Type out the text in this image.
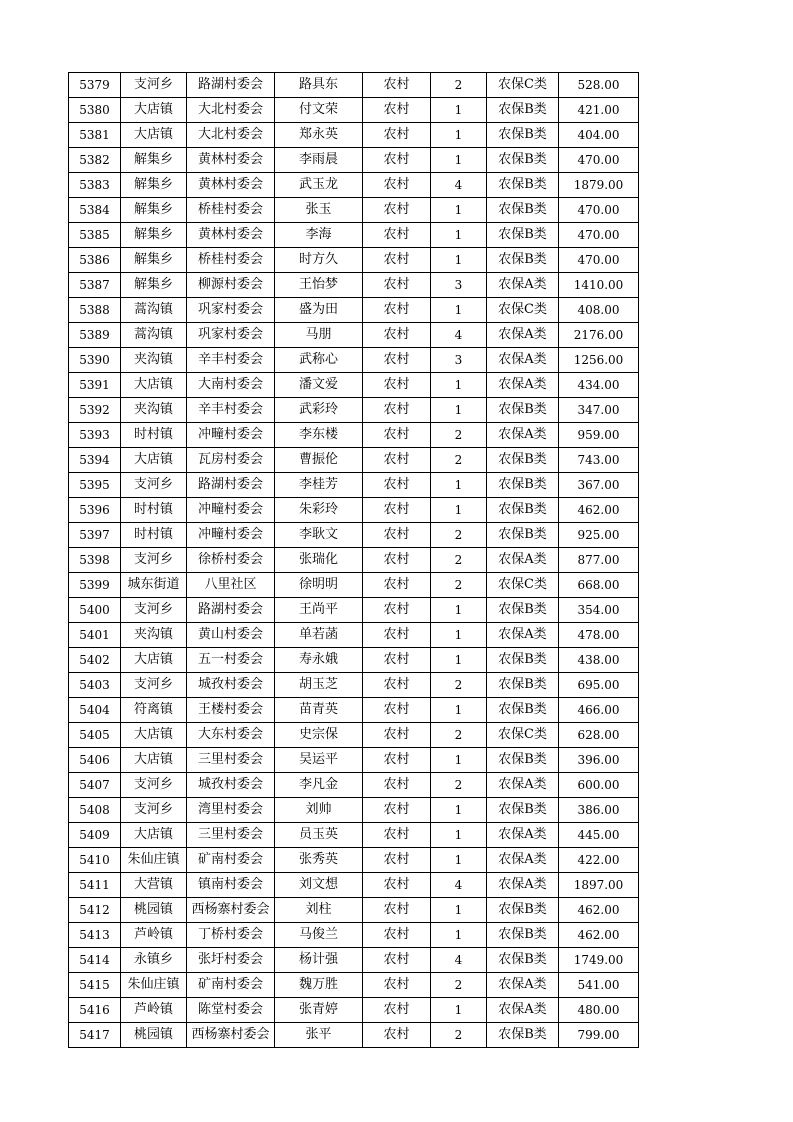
5379	支河乡	路湖村委会	路具东	农村	2	农保C类	528.00
5380	大店镇	大北村委会	付文荣	农村	1	农保B类	421.00
5381	大店镇	大北村委会	郑永英	农村	1	农保B类	404.00
5382	解集乡	黄林村委会	李雨晨	农村	1	农保B类	470.00
5383	解集乡	黄林村委会	武玉龙	农村	4	农保B类	1879.00
5384	解集乡	桥桂村委会	张玉	农村	1	农保B类	470.00
5385	解集乡	黄林村委会	李海	农村	1	农保B类	470.00
5386	解集乡	桥桂村委会	时方久	农村	1	农保B类	470.00
5387	解集乡	柳源村委会	王怡梦	农村	3	农保A类	1410.00
5388	蒿沟镇	巩家村委会	盛为田	农村	1	农保C类	408.00
5389	蒿沟镇	巩家村委会	马朋	农村	4	农保A类	2176.00
5390	夹沟镇	辛丰村委会	武称心	农村	3	农保A类	1256.00
5391	大店镇	大南村委会	潘文爱	农村	1	农保A类	434.00
5392	夹沟镇	辛丰村委会	武彩玲	农村	1	农保B类	347.00
5393	时村镇	冲疃村委会	李东楼	农村	2	农保A类	959.00
5394	大店镇	瓦房村委会	曹振伦	农村	2	农保B类	743.00
5395	支河乡	路湖村委会	李桂芳	农村	1	农保B类	367.00
5396	时村镇	冲疃村委会	朱彩玲	农村	1	农保B类	462.00
5397	时村镇	冲疃村委会	李耿文	农村	2	农保B类	925.00
5398	支河乡	徐桥村委会	张瑞化	农村	2	农保A类	877.00
5399	城东街道	八里社区	徐明明	农村	2	农保C类	668.00
5400	支河乡	路湖村委会	王尚平	农村	1	农保B类	354.00
5401	夹沟镇	黄山村委会	单若菡	农村	1	农保A类	478.00
5402	大店镇	五一村委会	寿永娥	农村	1	农保B类	438.00
5403	支河乡	城孜村委会	胡玉芝	农村	2	农保B类	695.00
5404	符离镇	王楼村委会	苗青英	农村	1	农保B类	466.00
5405	大店镇	大东村委会	史宗保	农村	2	农保C类	628.00
5406	大店镇	三里村委会	吴运平	农村	1	农保B类	396.00
5407	支河乡	城孜村委会	李凡金	农村	2	农保A类	600.00
5408	支河乡	湾里村委会	刘帅	农村	1	农保B类	386.00
5409	大店镇	三里村委会	员玉英	农村	1	农保A类	445.00
5410	朱仙庄镇	矿南村委会	张秀英	农村	1	农保A类	422.00
5411	大营镇	镇南村委会	刘文想	农村	4	农保A类	1897.00
5412	桃园镇	西杨寨村委会	刘柱	农村	1	农保B类	462.00
5413	芦岭镇	丁桥村委会	马俊兰	农村	1	农保B类	462.00
5414	永镇乡	张圩村委会	杨计强	农村	4	农保B类	1749.00
5415	朱仙庄镇	矿南村委会	魏万胜	农村	2	农保A类	541.00
5416	芦岭镇	陈堂村委会	张青婷	农村	1	农保A类	480.00
5417	桃园镇	西杨寨村委会	张平	农村	2	农保B类	799.00
